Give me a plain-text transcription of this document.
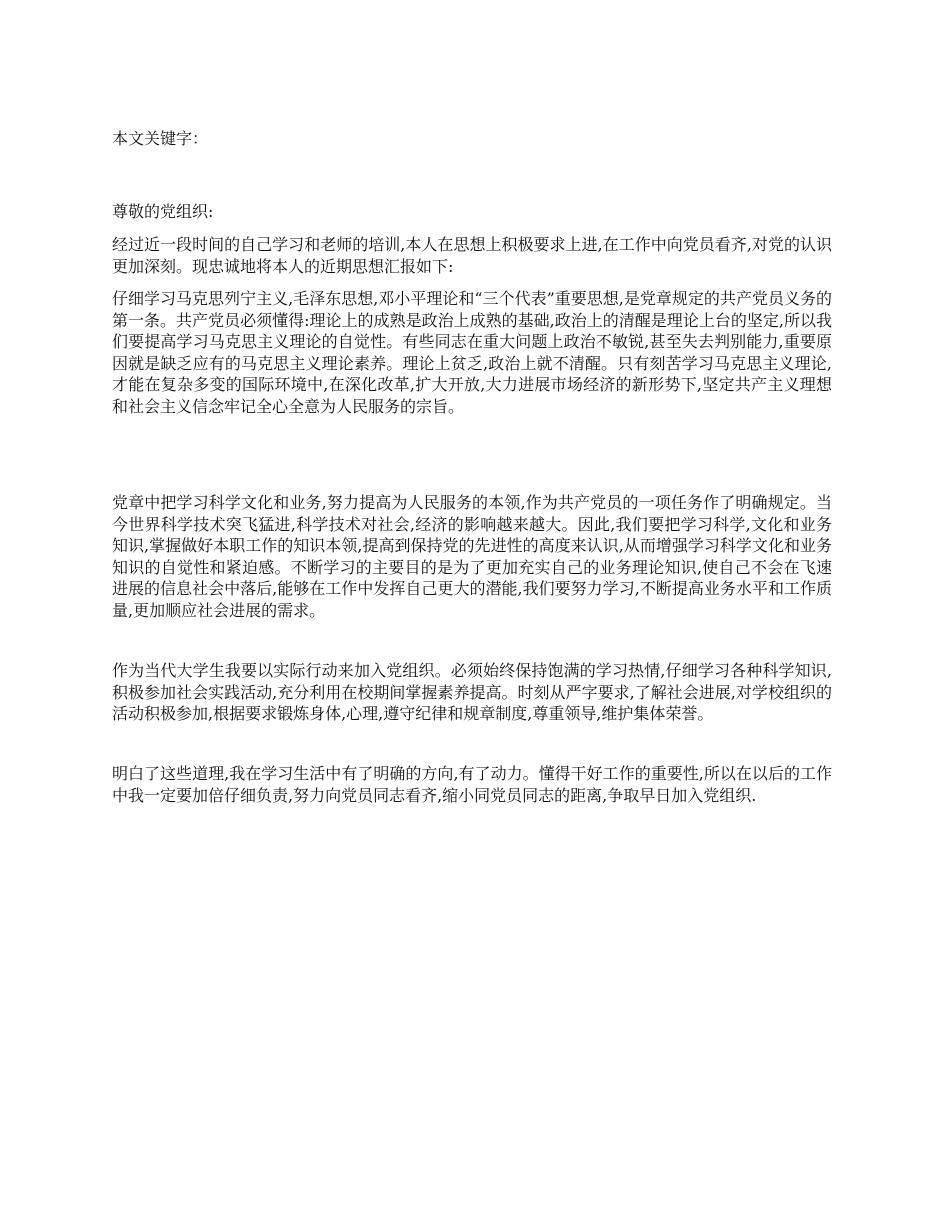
本文关键字：
尊敬的党组织:

经过近一段时间的自己学习和老师的培训,本人在思想上积极要求上进,在工作中向党员看齐,对党的认识更加深刻。现忠诚地将本人的近期思想汇报如下:

仔细学习马克思列宁主义,毛泽东思想,邓小平理论和“三个代表”重要思想,是党章规定的共产党员义务的第一条。共产党员必须懂得:理论上的成熟是政治上成熟的基础,政治上的清醒是理论上台的坚定,所以我们要提高学习马克思主义理论的自觉性。有些同志在重大问题上政治不敏锐,甚至失去判别能力,重要原因就是缺乏应有的马克思主义理论素养。理论上贫乏,政治上就不清醒。只有刻苦学习马克思主义理论,才能在复杂多变的国际环境中,在深化改革,扩大开放,大力进展市场经济的新形势下,坚定共产主义理想和社会主义信念牢记全心全意为人民服务的宗旨。

党章中把学习科学文化和业务,努力提高为人民服务的本领,作为共产党员的一项任务作了明确规定。当今世界科学技术突飞猛进,科学技术对社会,经济的影响越来越大。因此,我们要把学习科学,文化和业务知识,掌握做好本职工作的知识本领,提高到保持党的先进性的高度来认识,从而增强学习科学文化和业务知识的自觉性和紧迫感。不断学习的主要目的是为了更加充实自己的业务理论知识,使自己不会在飞速进展的信息社会中落后,能够在工作中发挥自己更大的潜能,我们要努力学习,不断提高业务水平和工作质量,更加顺应社会进展的需求。

作为当代大学生我要以实际行动来加入党组织。必须始终保持饱满的学习热情,仔细学习各种科学知识,积极参加社会实践活动,充分利用在校期间掌握素养提高。时刻从严字要求,了解社会进展,对学校组织的活动积极参加,根据要求锻炼身体,心理,遵守纪律和规章制度,尊重领导,维护集体荣誉。

明白了这些道理,我在学习生活中有了明确的方向,有了动力。懂得干好工作的重要性,所以在以后的工作中我一定要加倍仔细负责,努力向党员同志看齐,缩小同党员同志的距离,争取早日加入党组织.
